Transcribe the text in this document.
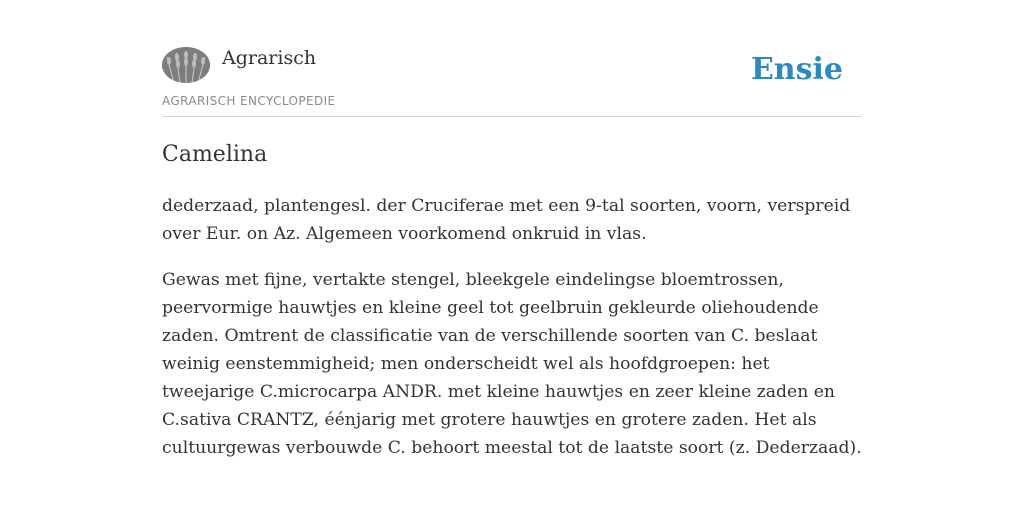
Agrarisch
AGRARISCH ENCYCLOPEDIE
Ensie
Camelina

dederzaad, plantengesl. der Cruciferae met een 9-tal soorten, voorn, verspreid over Eur. on Az. Algemeen voorkomend onkruid in vlas.

Gewas met fijne, vertakte stengel, bleekgele eindelingse bloemtrossen, peervormige hauwtjes en kleine geel tot geelbruin gekleurde oliehoudende zaden. Omtrent de classificatie van de verschillende soorten van C. beslaat weinig eenstemmigheid; men onderscheidt wel als hoofdgroepen: het tweejarige C.microcarpa ANDR. met kleine hauwtjes en zeer kleine zaden en C.sativa CRANTZ, éénjarig met grotere hauwtjes en grotere zaden. Het als cultuurgewas verbouwde C. behoort meestal tot de laatste soort (z. Dederzaad).
